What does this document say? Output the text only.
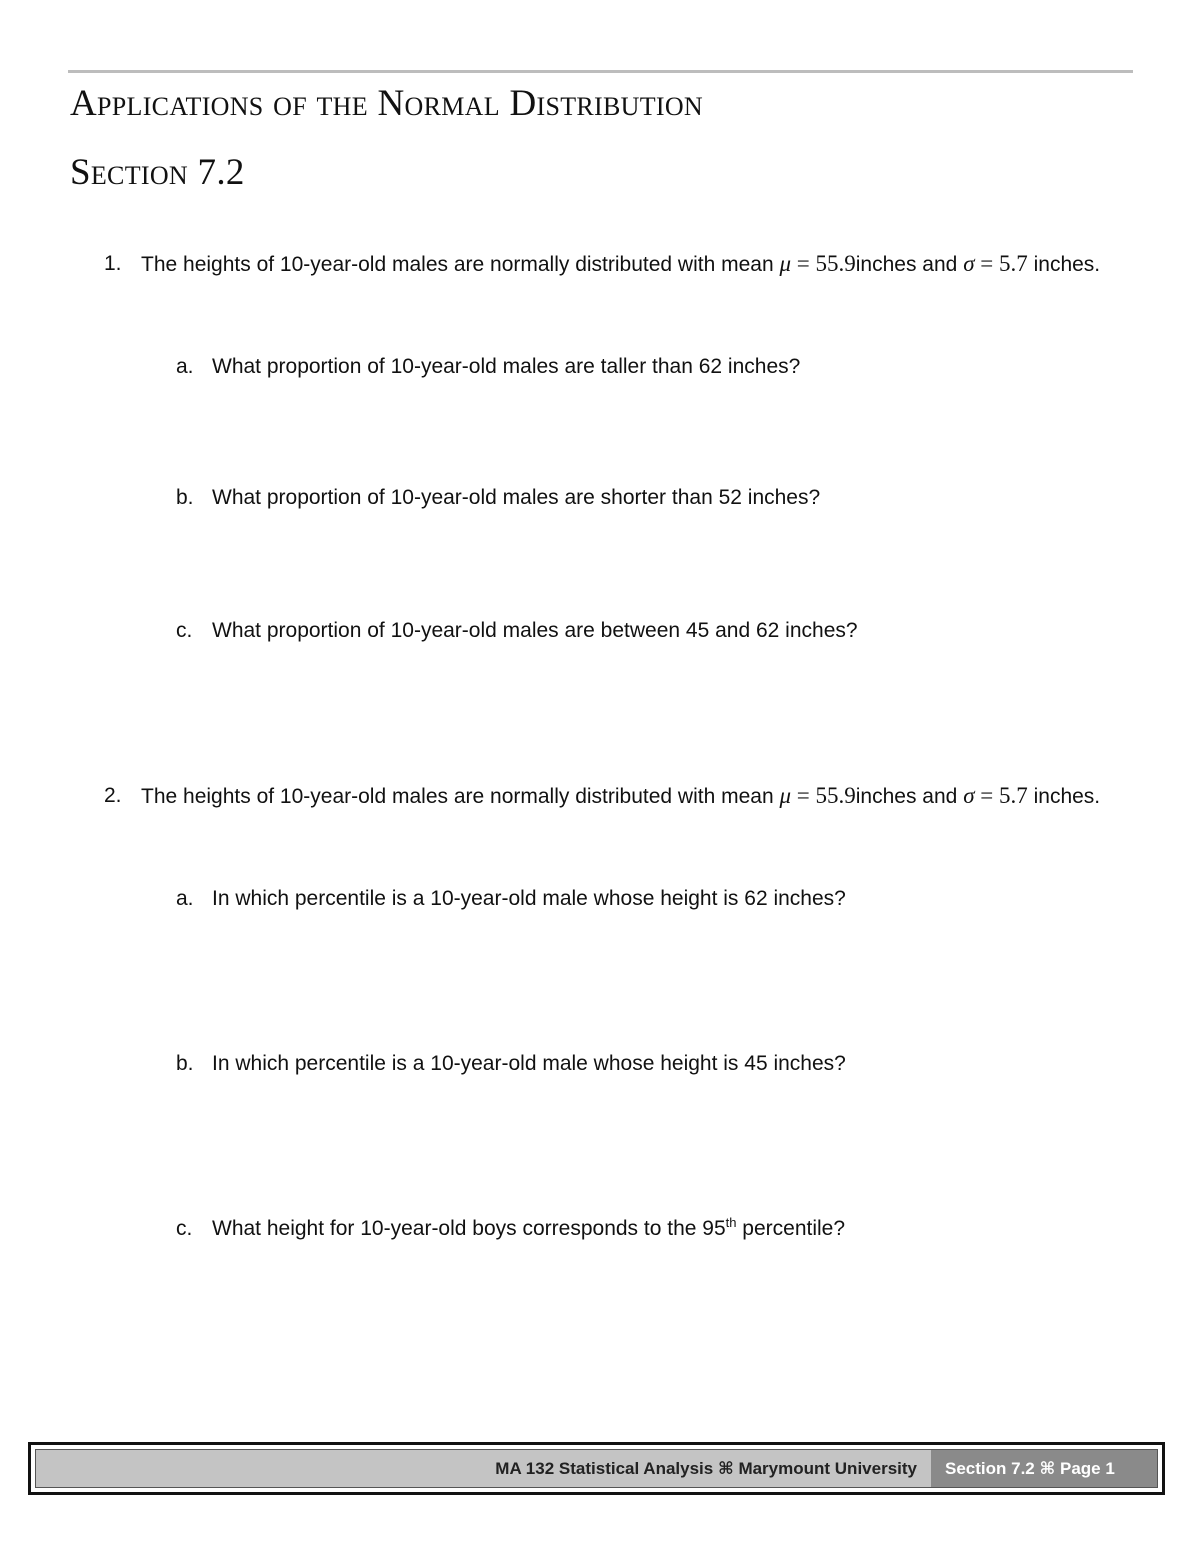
Applications of the Normal Distribution
Section 7.2
1. The heights of 10-year-old males are normally distributed with mean μ = 55.9inches and σ = 5.7 inches.
a. What proportion of 10-year-old males are taller than 62 inches?
b. What proportion of 10-year-old males are shorter than 52 inches?
c. What proportion of 10-year-old males are between 45 and 62 inches?
2. The heights of 10-year-old males are normally distributed with mean μ = 55.9inches and σ = 5.7 inches.
a. In which percentile is a 10-year-old male whose height is 62 inches?
b. In which percentile is a 10-year-old male whose height is 45 inches?
c. What height for 10-year-old boys corresponds to the 95th percentile?
MA 132 Statistical Analysis ⌘ Marymount University	Section 7.2 ⌘ Page 1
